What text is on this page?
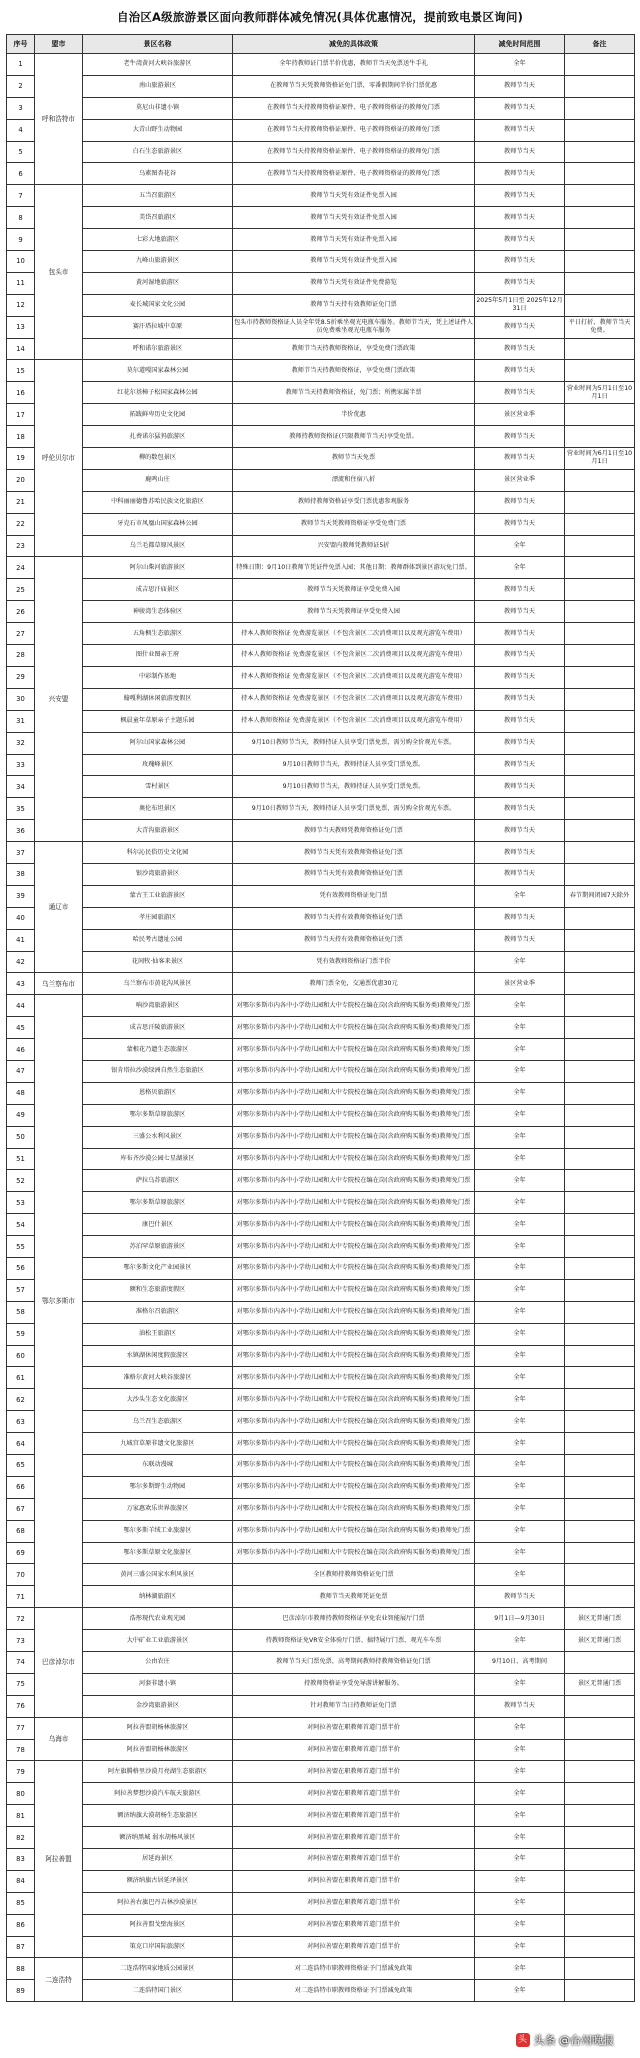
自治区A级旅游景区面向教师群体减免情况(具体优惠情况，提前致电景区询问)
序号	盟市	景区名称	减免的具体政策	减免时间范围	备注
1	呼和浩特市	老牛湾黄河大峡谷旅游区	全年持教师证门票半价优惠，教师节当天免票送牛手礼	全年	
2		南山旅游景区	在教师节当天凭教师资格证免门票，零番假期间半价门票优惠	教师节当天	
3		莫尼山非遗小镇	在教师节当天持教师资格证原件、电子教师资格证的教师免门票	教师节当天	
4		大青山野生动物园	在教师节当天持教师资格证原件、电子教师资格证的教师免门票	教师节当天	
5		白石生态旅游景区	在教师节当天持教师资格证原件、电子教师资格证的教师免门票	教师节当天	
6		乌素图杏花谷	在教师节当天持教师资格证原件、电子教师资格证的教师免门票	教师节当天	
7	包头市	五当召旅游区	教师节当天凭有效证件免票入园	教师节当天	
8		美岱召旅游区	教师节当天凭有效证件免票入园	教师节当天	
9		七彩大地旅游区	教师节当天凭有效证件免票入园	教师节当天	
10		九峰山旅游景区	教师节当天凭有效证件免票入园	教师节当天	
11		黄河湿地旅游区	教师节当天凭有效证件免费游览	教师节当天	
12		麦长城国家文化公园	教师节当天持有效教师证免门票	2025年5月1日至 2025年12月31日	
13		赛汗塔拉城中草原	包头市持教师资格证人员全年凭8.5折乘坐观光电瓶车服务。教师节当天，凭上述证件人员免费乘坐观光电瓶车服务	教师节当天	平日打折，教师节当天免费。
14		呼和诺尔旅游景区	教师节当天持教师资格证，享受免费门票政策	教师节当天	
15	呼伦贝尔市	莫尔道嘎国家森林公园	教师节当天持教师资格证，享受免费门票政策	教师节当天	
16		红花尔基樟子松国家森林公园	教师节当天持教师资格证，免门票；所携家属半票	教师节当天	营业时间为5月1日至10月1日
17		拓跋鲜卑历史文化园	半价优惠	景区营业季	
18		扎赉诺尔猛犸旅游区	教师持教师资格证(只限教师节当天)享受免票。	教师节当天	
19		柳的数包景区	教师节当天免票	教师节当天	营业时间为6月1日至10月1日
20		鹿鸣山庄	漂流和住宿八折	景区营业季	
21		中科丽丽德鲁苏哈民族文化旅游区	教师持教师资格证享受门票优惠参观服务	教师节当天	
22		牙克石市凤凰山国家森林公园	教师节当天凭教师资格证享受免费门票	教师节当天	
23		乌兰毛都草原风景区	兴安盟内教师凭教师证5折	全年	
24	兴安盟	阿尔山柴河旅游景区	特殊日期：9月10日教师节凭证件免票入园；其他日期：教师群体到景区游玩免门票。	全年	
25		成吉思汗庙景区	教师节当天凭教师证享受免费入园	教师节当天	
26		神骏湾生态体验区	教师节当天凭教师证享受免费入园	教师节当天	
27		五角枫生态旅游区	持本人教师资格证 免费游览景区（不包含景区二次消费项目以及观光游览车费用）	教师节当天	
28		图什业图亲王府	持本人教师资格证 免费游览景区（不包含景区二次消费项目以及观光游览车费用）	教师节当天	
29		中彩制作基地	持本人教师资格证 免费游览景区（不包含景区二次消费项目以及观光游览车费用）	教师节当天	
30		翰嘎利湖休闲旅游度假区	持本人教师资格证 免费游览景区（不包含景区二次消费项目以及观光游览车费用）	教师节当天	
31		枫晨童年草原亲子主题乐园	持本人教师资格证 免费游览景区（不包含景区二次消费项目以及观光游览车费用）	教师节当天	
32		阿尔山国家森林公园	9月10日教师节当天，教师持证人员享受门票免票，需另购全价观光车票。	教师节当天	
33		玫瑰峰景区	9月10日教师节当天，教师持证人员享受门票免票。	教师节当天	
34		雪村景区	9月10日教师节当天，教师持证人员享受门票免票。	教师节当天	
35		奥伦布坦景区	9月10日教师节当天，教师持证人员享受门票免票，需另购全价观光车票。	教师节当天	
36		大青沟旅游景区	教师节当天教师凭教师资格证免门票	教师节当天	
37	通辽市	科尔沁民俗历史文化园	教师节当天凭有效教师资格证免门票	教师节当天	
38		银沙湾旅游景区	教师节当天凭有效教师资格证免门票	教师节当天	
39		蒙古王工业旅游景区	凭有效教师资格证免门票	全年	春节期间闭园7天除外
40		孝庄园旅游区	教师节当天持有效教师资格证免门票	教师节当天	
41		哈民考古遗址公园	教师节当天持有效教师资格证免门票	教师节当天	
42		花间牧·仙客来景区	凭有效教师资格证门票半价	全年	
43	乌兰察布市	乌兰察布市黄花沟风景区	教师门票全免，交通票优惠30元	景区营业季	
44	鄂尔多斯市	响沙湾旅游景区	对鄂尔多斯市内各中小学幼儿园和大中专院校在编在岗(含政府购买服务类)教师免门票	全年	
45		成吉思汗陵旅游景区	对鄂尔多斯市内各中小学幼儿园和大中专院校在编在岗(含政府购买服务类)教师免门票	全年	
46		蒙根花乃遗生态旅游区	对鄂尔多斯市内各中小学幼儿园和大中专院校在编在岗(含政府购买服务类)教师免门票	全年	
47		银肯塔拉沙漠绿洲自然生态旅游区	对鄂尔多斯市内各中小学幼儿园和大中专院校在编在岗(含政府购买服务类)教师免门票	全年	
48		恩格贝旅游区	对鄂尔多斯市内各中小学幼儿园和大中专院校在编在岗(含政府购买服务类)教师免门票	全年	
49		鄂尔多斯草原旅游区	对鄂尔多斯市内各中小学幼儿园和大中专院校在编在岗(含政府购买服务类)教师免门票	全年	
50		三盛公水利风景区	对鄂尔多斯市内各中小学幼儿园和大中专院校在编在岗(含政府购买服务类)教师免门票	全年	
51		库布齐沙漠公园七星湖景区	对鄂尔多斯市内各中小学幼儿园和大中专院校在编在岗(含政府购买服务类)教师免门票	全年	
52		萨拉乌苏旅游区	对鄂尔多斯市内各中小学幼儿园和大中专院校在编在岗(含政府购买服务类)教师免门票	全年	
53		鄂尔多斯草原旅游区	对鄂尔多斯市内各中小学幼儿园和大中专院校在编在岗(含政府购买服务类)教师免门票	全年	
54		康巴什景区	对鄂尔多斯市内各中小学幼儿园和大中专院校在编在岗(含政府购买服务类)教师免门票	全年	
55		苏泊罕草原旅游景区	对鄂尔多斯市内各中小学幼儿园和大中专院校在编在岗(含政府购买服务类)教师免门票	全年	
56		鄂尔多斯文化产业园景区	对鄂尔多斯市内各中小学幼儿园和大中专院校在编在岗(含政府购买服务类)教师免门票	全年	
57		额和生态旅游度假区	对鄂尔多斯市内各中小学幼儿园和大中专院校在编在岗(含政府购买服务类)教师免门票	全年	
58		准格尔召旅游区	对鄂尔多斯市内各中小学幼儿园和大中专院校在编在岗(含政府购买服务类)教师免门票	全年	
59		油松王旅游区	对鄂尔多斯市内各中小学幼儿园和大中专院校在编在岗(含政府购买服务类)教师免门票	全年	
60		水镇湖休闲度假旅游区	对鄂尔多斯市内各中小学幼儿园和大中专院校在编在岗(含政府购买服务类)教师免门票	全年	
61		准格尔黄河大峡谷旅游区	对鄂尔多斯市内各中小学幼儿园和大中专院校在编在岗(含政府购买服务类)教师免门票	全年	
62		大沙头生态文化旅游区	对鄂尔多斯市内各中小学幼儿园和大中专院校在编在岗(含政府购买服务类)教师免门票	全年	
63		乌兰召生态旅游区	对鄂尔多斯市内各中小学幼儿园和大中专院校在编在岗(含政府购买服务类)教师免门票	全年	
64		九城宫草原非遗文化旅游区	对鄂尔多斯市内各中小学幼儿园和大中专院校在编在岗(含政府购买服务类)教师免门票	全年	
65		东联动漫城	对鄂尔多斯市内各中小学幼儿园和大中专院校在编在岗(含政府购买服务类)教师免门票	全年	
66		鄂尔多斯野生动物园	对鄂尔多斯市内各中小学幼儿园和大中专院校在编在岗(含政府购买服务类)教师免门票	全年	
67		万家惠欢乐世界旅游区	对鄂尔多斯市内各中小学幼儿园和大中专院校在编在岗(含政府购买服务类)教师免门票	全年	
68		鄂尔多斯羊绒工业旅游区	对鄂尔多斯市内各中小学幼儿园和大中专院校在编在岗(含政府购买服务类)教师免门票	全年	
69		鄂尔多斯草原文化旅游区	对鄂尔多斯市内各中小学幼儿园和大中专院校在编在岗(含政府购买服务类)教师免门票	全年	
70		黄河三盛公国家水利风景区	全区教师持教师资格证免门票	全年	
71		纳林湖旅游区	教师节当天教师凭证免票	教师节当天	
72	巴彦淖尔市	浩彤现代农业观光园	巴彦淖尔市教师持教师资格证享免农业智能展厅门票	9月1日—9月30日	景区无普通门票
73		大中矿业工业旅游景区	持教师资格证免VR安全体验厅门票、搞特展厅门票、观光车车票	全年	景区无普通门票
74		公由农庄	教师节当天门票免票，高考期间教师持教师资格证免门票	9月10日、高考期间	
75		河套非遗小镇	持教师资格证享受免导游讲解服务。	全年	景区无普通门票
76		金沙湾旅游景区	针对教师节当日持教师证免门票	教师节当天	
77	乌海市	阿拉善盟胡杨林旅游区	对阿拉善盟在职教师首道门票半价	全年	
78		阿拉善盟胡杨林旅游区	对阿拉善盟在职教师首道门票半价	全年	
79	阿拉善盟	阿左旗腾格里沙漠月亮湖生态旅游区	对阿拉善盟在职教师首道门票半价	全年	
80		阿拉善梦想沙漠汽车航天旅游区	对阿拉善盟在职教师首道门票半价	全年	
81		额济纳旗大漠胡杨生态旅游区	对阿拉善盟在职教师首道门票半价	全年	
82		额济纳黑城 弱水胡杨风景区	对阿拉善盟在职教师首道门票半价	全年	
83		居延海景区	对阿拉善盟在职教师首道门票半价	全年	
84		额济纳旗古居延泽景区	对阿拉善盟在职教师首道门票半价	全年	
85		阿拉善右旗巴丹吉林沙漠景区	对阿拉善盟在职教师首道门票半价	全年	
86		阿拉善盟戈壁海景区	对阿拉善盟在职教师首道门票半价	全年	
87		策克口岸国际旅游区	对阿拉善盟在职教师首道门票半价	全年	
88	二连浩特	二连浩特国家地质公园景区	对二连浩特市职教师资格证予门票减免政策	全年	
89		二连浩特国门景区	对二连浩特市职教师资格证予门票减免政策	全年	
头 头条 @台州晚报
